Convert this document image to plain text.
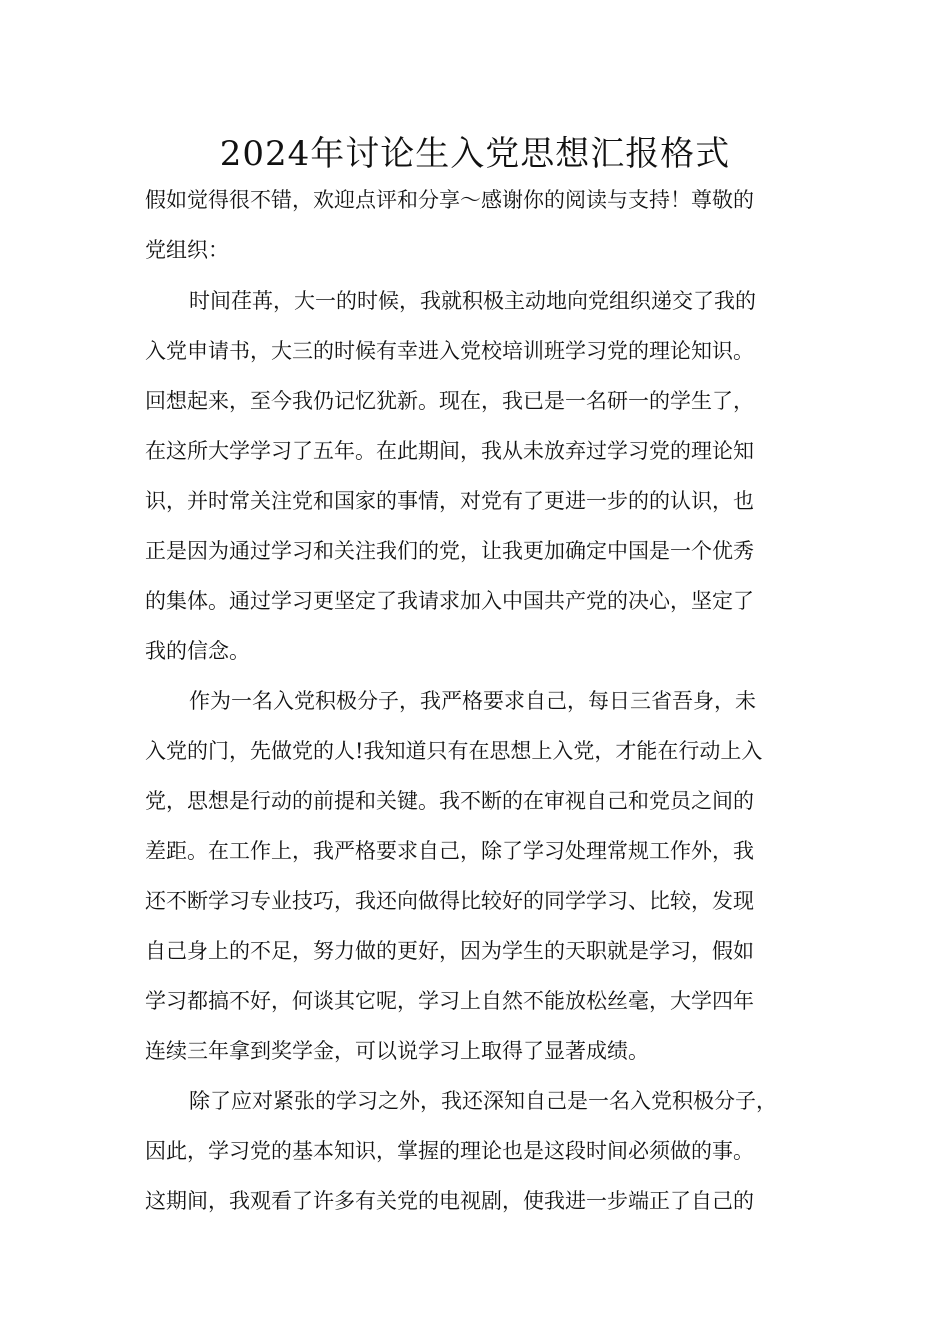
2024年讨论生入党思想汇报格式

假如觉得很不错，欢迎点评和分享～感谢你的阅读与支持！尊敬的

党组织：

时间荏苒，大一的时候，我就积极主动地向党组织递交了我的

入党申请书，大三的时候有幸进入党校培训班学习党的理论知识。

回想起来，至今我仍记忆犹新。现在，我已是一名研一的学生了，

在这所大学学习了五年。在此期间，我从未放弃过学习党的理论知

识，并时常关注党和国家的事情，对党有了更进一步的的认识，也

正是因为通过学习和关注我们的党，让我更加确定中国是一个优秀

的集体。通过学习更坚定了我请求加入中国共产党的决心，坚定了

我的信念。

作为一名入党积极分子，我严格要求自己，每日三省吾身，未

入党的门，先做党的人!我知道只有在思想上入党，才能在行动上入

党，思想是行动的前提和关键。我不断的在审视自己和党员之间的

差距。在工作上，我严格要求自己，除了学习处理常规工作外，我

还不断学习专业技巧，我还向做得比较好的同学学习、比较，发现

自己身上的不足，努力做的更好，因为学生的天职就是学习，假如

学习都搞不好，何谈其它呢，学习上自然不能放松丝毫，大学四年

连续三年拿到奖学金，可以说学习上取得了显著成绩。

除了应对紧张的学习之外，我还深知自己是一名入党积极分子，

因此，学习党的基本知识，掌握的理论也是这段时间必须做的事。

这期间，我观看了许多有关党的电视剧，使我进一步端正了自己的
